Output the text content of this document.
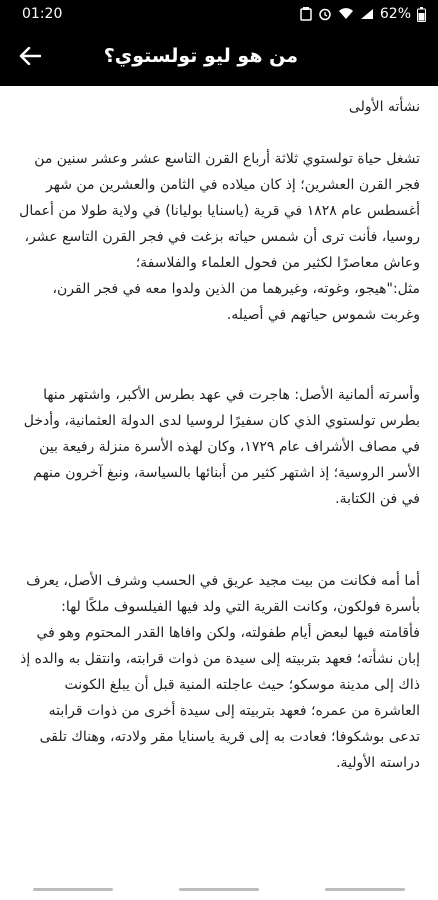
01:20	62%
من هو ليو تولستوي؟

نشأته الأولى

تشغل حياة تولستوي ثلاثة أرباع القرن التاسع عشر وعشر سنين من فجر القرن العشرين؛ إذ كان ميلاده في الثامن والعشرين من شهر أغسطس عام ١٨٢٨ في قرية (ياسنايا بوليانا) في ولاية طولا من أعمال روسيا، فأنت ترى أن شمس حياته بزغت في فجر القرن التاسع عشر، وعاش معاصرًا لكثير من فحول العلماء والفلاسفة؛

مثل:"هيجو، وغوته، وغيرهما من الذين ولدوا معه في فجر القرن، وغربت شموس حياتهم في أصيله.

وأسرته ألمانية الأصل: هاجرت في عهد بطرس الأكبر، واشتهر منها بطرس تولستوي الذي كان سفيرًا لروسيا لدى الدولة العثمانية، وأدخل في مصاف الأشراف عام ١٧٢٩، وكان لهذه الأسرة منزلة رفيعة بين الأسر الروسية؛ إذ اشتهر كثير من أبنائها بالسياسة، ونبغ آخرون منهم في فن الكتابة.

أما أمه فكانت من بيت مجيد عريق في الحسب وشرف الأصل، يعرف بأسرة فولكون، وكانت القرية التي ولد فيها الفيلسوف ملكًا لها: فأقامته فيها لبعض أيام طفولته، ولكن وافاها القدر المحتوم وهو في إبان نشأته؛ فعهد بتربيته إلى سيدة من ذوات قرابته، وانتقل به والده إذ ذاك إلى مدينة موسكو؛ حيث عاجلته المنية قبل أن يبلغ الكونت العاشرة من عمره؛ فعهد بتربيته إلى سيدة أخرى من ذوات قرابته تدعى بوشكوفا؛ فعادت به إلى قرية ياسنايا مقر ولادته، وهناك تلقى دراسته الأولية.
